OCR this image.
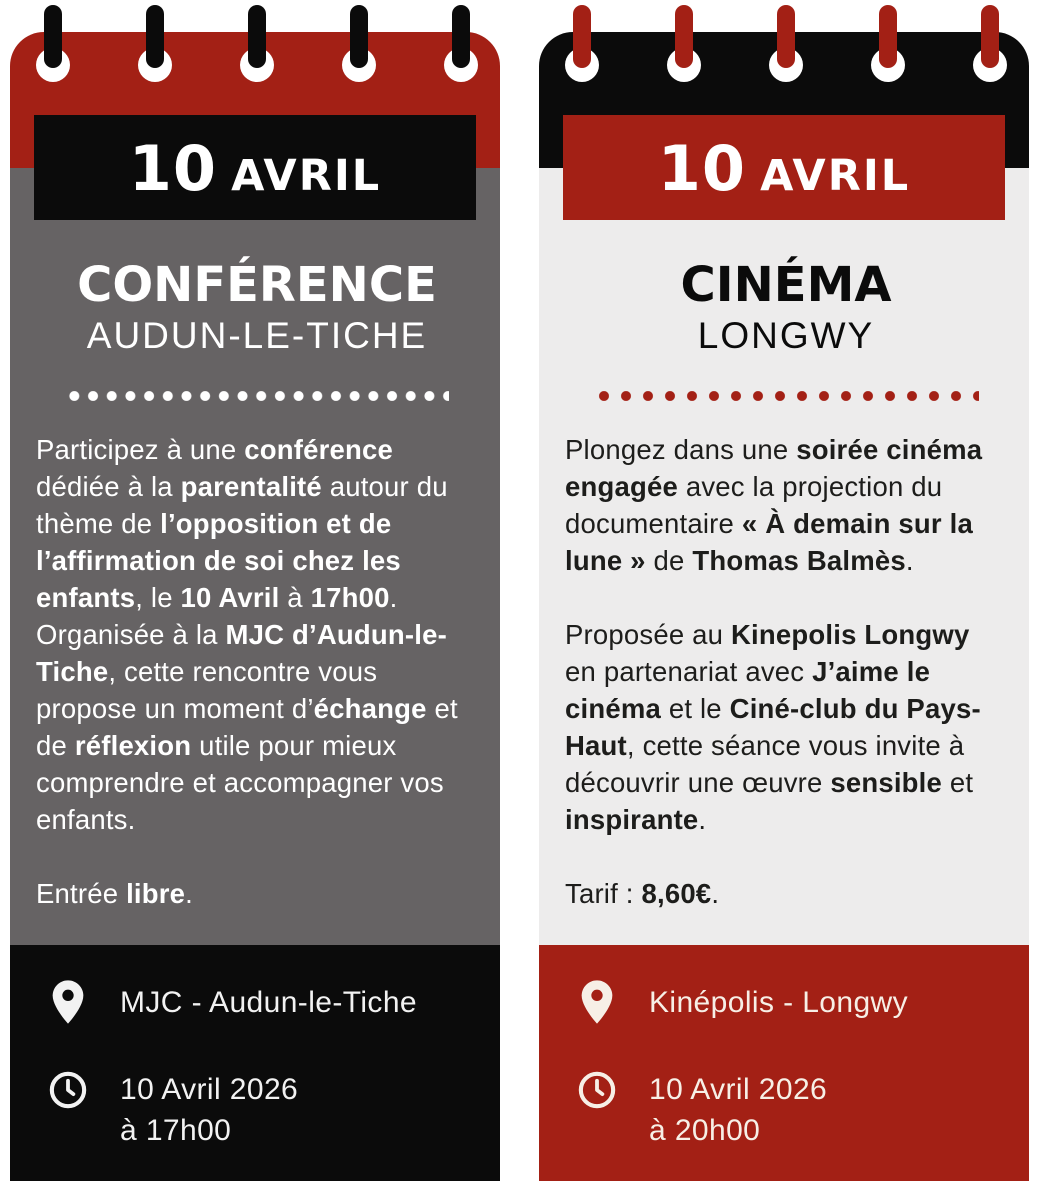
10 AVRIL
CONFÉRENCE
AUDUN-LE-TICHE

Participez à une conférence dédiée à la parentalité autour du thème de l’opposition et de l’affirmation de soi chez les enfants, le 10 Avril à 17h00. Organisée à la MJC d’Audun-le-Tiche, cette rencontre vous propose un moment d’échange et de réflexion utile pour mieux comprendre et accompagner vos enfants.

Entrée libre.

MJC - Audun-le-Tiche
10 Avril 2026
à 17h00
10 AVRIL
CINÉMA
LONGWY

Plongez dans une soirée cinéma engagée avec la projection du documentaire « À demain sur la lune » de Thomas Balmès.

Proposée au Kinepolis Longwy en partenariat avec J’aime le cinéma et le Ciné-club du Pays-Haut, cette séance vous invite à découvrir une œuvre sensible et inspirante.

Tarif : 8,60€.

Kinépolis - Longwy
10 Avril 2026
à 20h00
